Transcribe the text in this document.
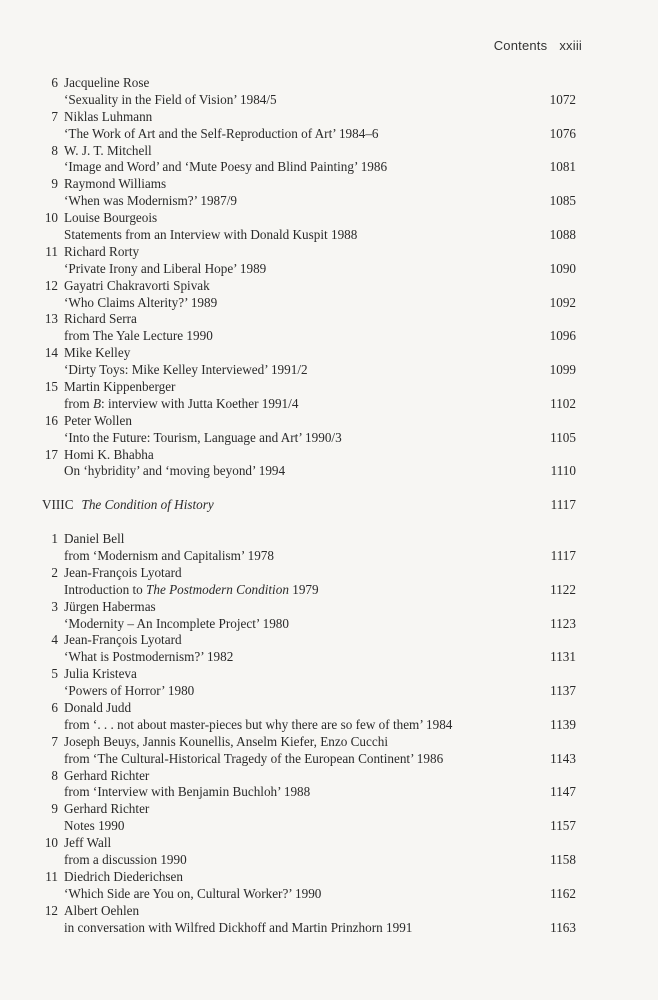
Contents xxiii
6 Jacqueline Rose
‘Sexuality in the Field of Vision’ 1984/5	1072
7 Niklas Luhmann
‘The Work of Art and the Self-Reproduction of Art’ 1984–6	1076
8 W. J. T. Mitchell
‘Image and Word’ and ‘Mute Poesy and Blind Painting’ 1986	1081
9 Raymond Williams
‘When was Modernism?’ 1987/9	1085
10 Louise Bourgeois
Statements from an Interview with Donald Kuspit 1988	1088
11 Richard Rorty
‘Private Irony and Liberal Hope’ 1989	1090
12 Gayatri Chakravorti Spivak
‘Who Claims Alterity?’ 1989	1092
13 Richard Serra
from The Yale Lecture 1990	1096
14 Mike Kelley
‘Dirty Toys: Mike Kelley Interviewed’ 1991/2	1099
15 Martin Kippenberger
from B: interview with Jutta Koether 1991/4	1102
16 Peter Wollen
‘Into the Future: Tourism, Language and Art’ 1990/3	1105
17 Homi K. Bhabha
On ‘hybridity’ and ‘moving beyond’ 1994	1110
VIIIC The Condition of History	1117
1 Daniel Bell
from ‘Modernism and Capitalism’ 1978	1117
2 Jean-François Lyotard
Introduction to The Postmodern Condition 1979	1122
3 Jürgen Habermas
‘Modernity – An Incomplete Project’ 1980	1123
4 Jean-François Lyotard
‘What is Postmodernism?’ 1982	1131
5 Julia Kristeva
‘Powers of Horror’ 1980	1137
6 Donald Judd
from ‘. . . not about master-pieces but why there are so few of them’ 1984	1139
7 Joseph Beuys, Jannis Kounellis, Anselm Kiefer, Enzo Cucchi
from ‘The Cultural-Historical Tragedy of the European Continent’ 1986	1143
8 Gerhard Richter
from ‘Interview with Benjamin Buchloh’ 1988	1147
9 Gerhard Richter
Notes 1990	1157
10 Jeff Wall
from a discussion 1990	1158
11 Diedrich Diederichsen
‘Which Side are You on, Cultural Worker?’ 1990	1162
12 Albert Oehlen
in conversation with Wilfred Dickhoff and Martin Prinzhorn 1991	1163
